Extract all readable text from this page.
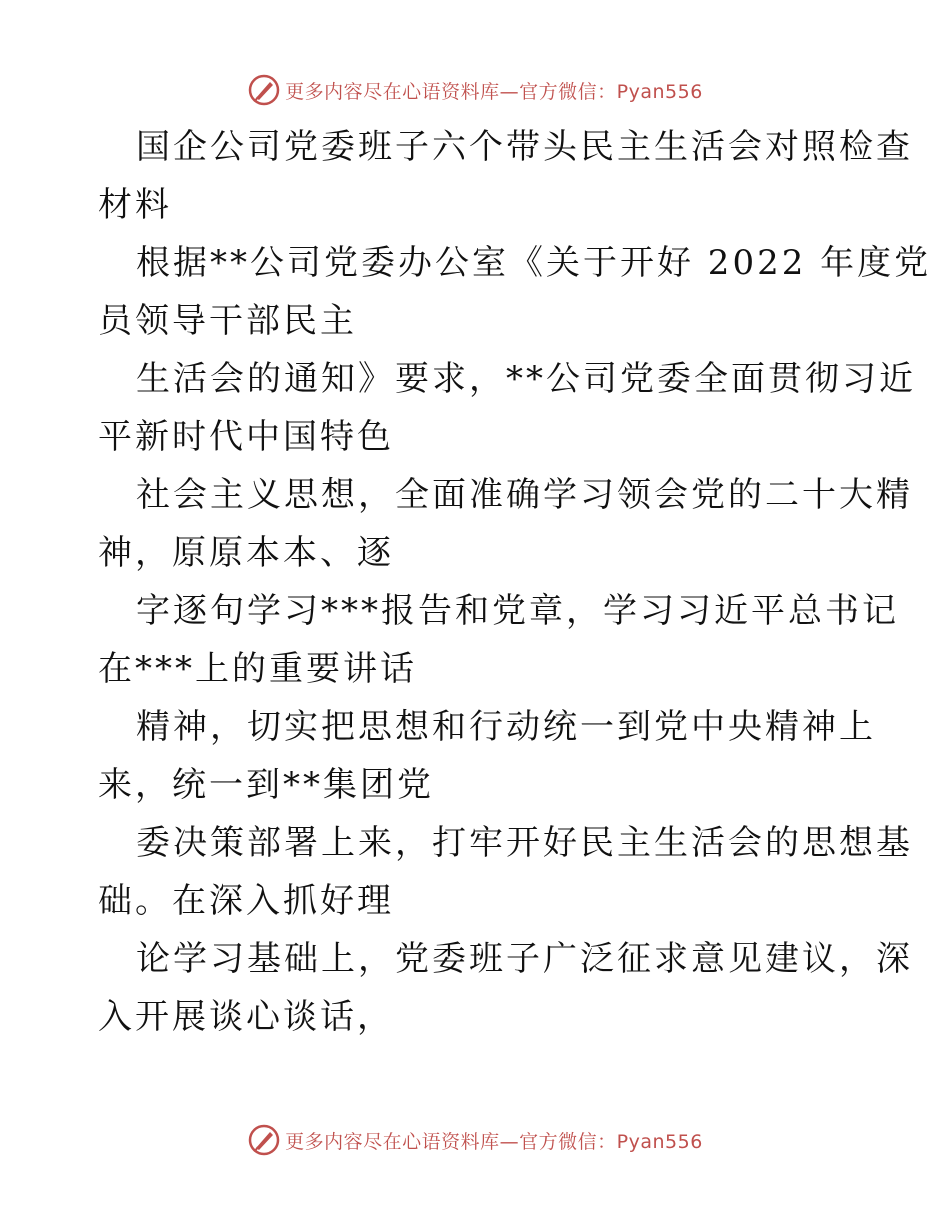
更多内容尽在心语资料库—官方微信：Pyan556
国企公司党委班子六个带头民主生活会对照检查
材料
根据**公司党委办公室《关于开好 2022 年度党
员领导干部民主
生活会的通知》要求，**公司党委全面贯彻习近
平新时代中国特色
社会主义思想，全面准确学习领会党的二十大精
神，原原本本、逐
字逐句学习***报告和党章，学习习近平总书记
在***上的重要讲话
精神，切实把思想和行动统一到党中央精神上
来，统一到**集团党
委决策部署上来，打牢开好民主生活会的思想基
础。在深入抓好理
论学习基础上，党委班子广泛征求意见建议，深
入开展谈心谈话，
更多内容尽在心语资料库—官方微信：Pyan556
